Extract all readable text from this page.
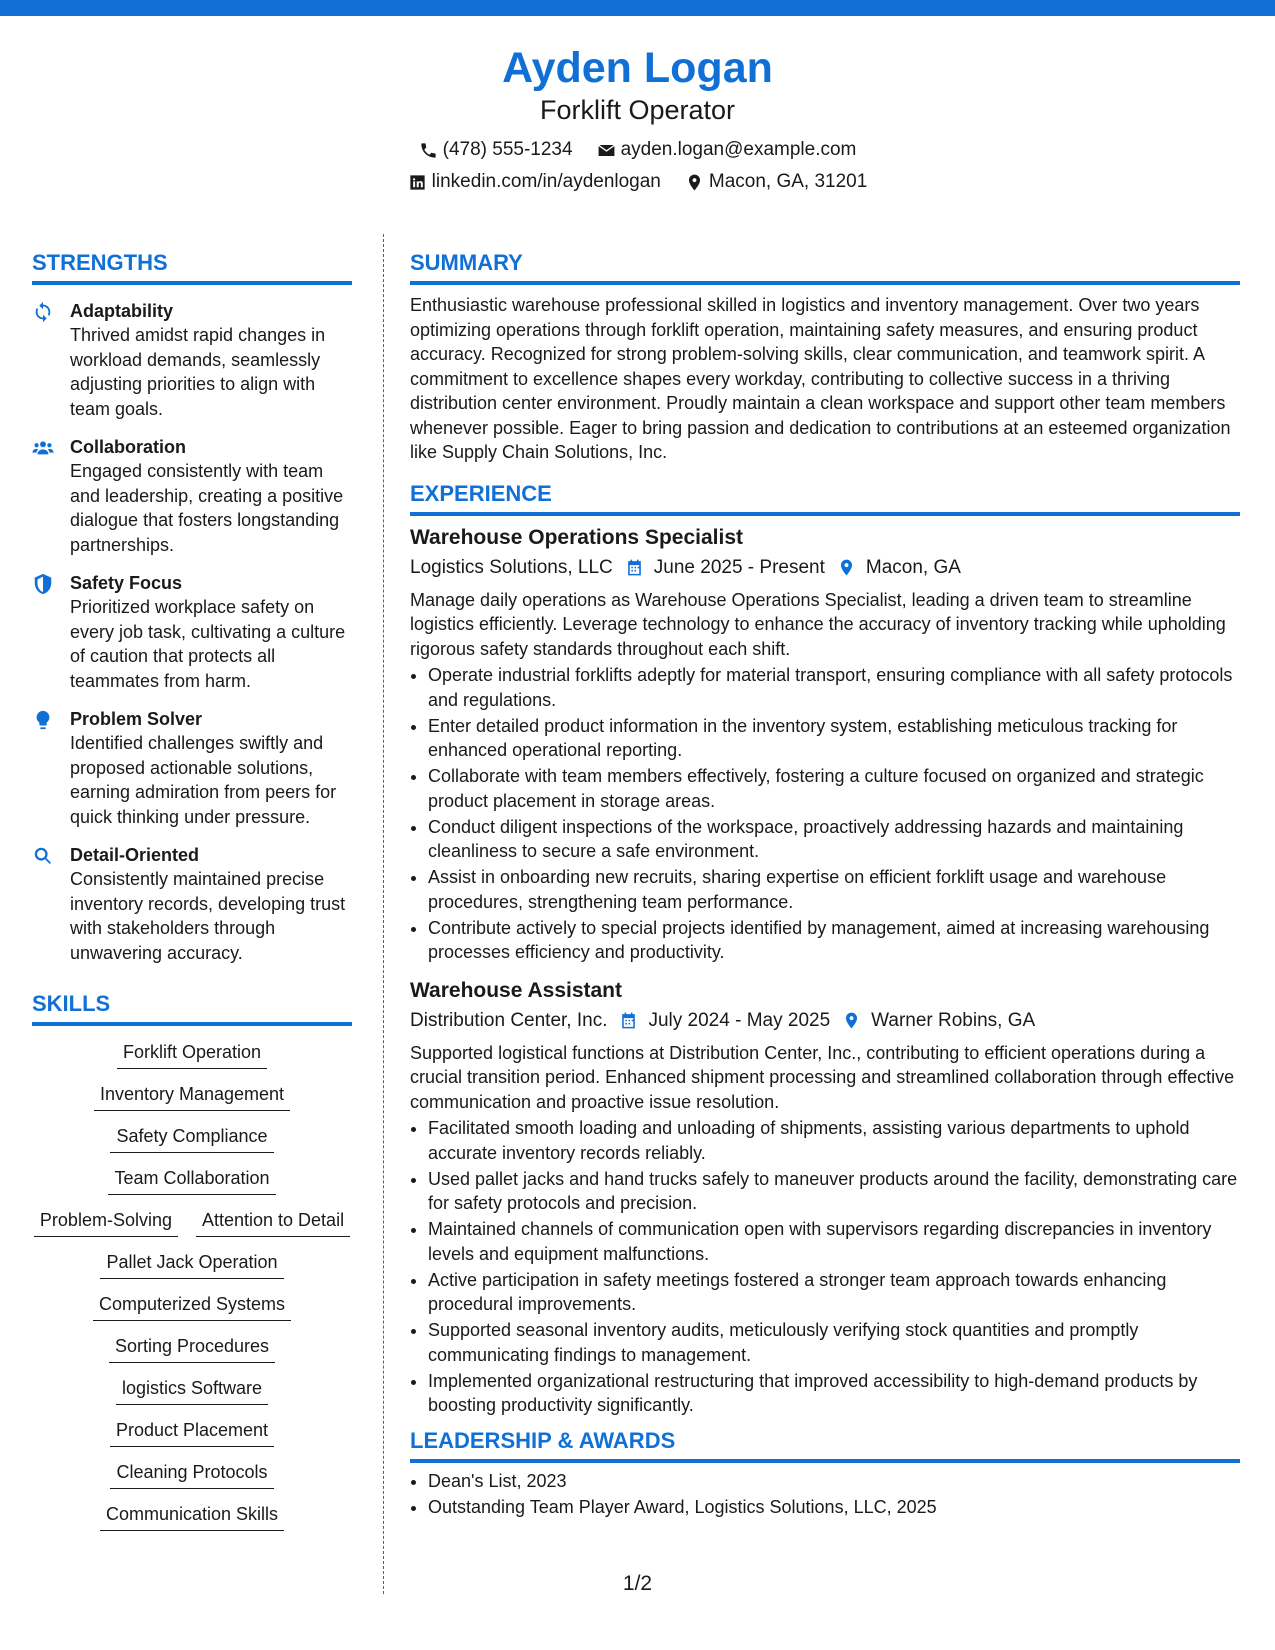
Ayden Logan
Forklift Operator
(478) 555-1234	ayden.logan@example.com
linkedin.com/in/aydenlogan	Macon, GA, 31201
STRENGTHS
Adaptability
Thrived amidst rapid changes in workload demands, seamlessly adjusting priorities to align with team goals.
Collaboration
Engaged consistently with team and leadership, creating a positive dialogue that fosters longstanding partnerships.
Safety Focus
Prioritized workplace safety on every job task, cultivating a culture of caution that protects all teammates from harm.
Problem Solver
Identified challenges swiftly and proposed actionable solutions, earning admiration from peers for quick thinking under pressure.
Detail-Oriented
Consistently maintained precise inventory records, developing trust with stakeholders through unwavering accuracy.
SKILLS
Forklift Operation
Inventory Management
Safety Compliance
Team Collaboration
Problem-Solving	Attention to Detail
Pallet Jack Operation
Computerized Systems
Sorting Procedures
logistics Software
Product Placement
Cleaning Protocols
Communication Skills
SUMMARY
Enthusiastic warehouse professional skilled in logistics and inventory management. Over two years optimizing operations through forklift operation, maintaining safety measures, and ensuring product accuracy. Recognized for strong problem-solving skills, clear communication, and teamwork spirit. A commitment to excellence shapes every workday, contributing to collective success in a thriving distribution center environment. Proudly maintain a clean workspace and support other team members whenever possible. Eager to bring passion and dedication to contributions at an esteemed organization like Supply Chain Solutions, Inc.
EXPERIENCE
Warehouse Operations Specialist
Logistics Solutions, LLC June 2025 - Present Macon, GA
Manage daily operations as Warehouse Operations Specialist, leading a driven team to streamline logistics efficiently. Leverage technology to enhance the accuracy of inventory tracking while upholding rigorous safety standards throughout each shift.
• Operate industrial forklifts adeptly for material transport, ensuring compliance with all safety protocols and regulations.
• Enter detailed product information in the inventory system, establishing meticulous tracking for enhanced operational reporting.
• Collaborate with team members effectively, fostering a culture focused on organized and strategic product placement in storage areas.
• Conduct diligent inspections of the workspace, proactively addressing hazards and maintaining cleanliness to secure a safe environment.
• Assist in onboarding new recruits, sharing expertise on efficient forklift usage and warehouse procedures, strengthening team performance.
• Contribute actively to special projects identified by management, aimed at increasing warehousing processes efficiency and productivity.
Warehouse Assistant
Distribution Center, Inc. July 2024 - May 2025 Warner Robins, GA
Supported logistical functions at Distribution Center, Inc., contributing to efficient operations during a crucial transition period. Enhanced shipment processing and streamlined collaboration through effective communication and proactive issue resolution.
• Facilitated smooth loading and unloading of shipments, assisting various departments to uphold accurate inventory records reliably.
• Used pallet jacks and hand trucks safely to maneuver products around the facility, demonstrating care for safety protocols and precision.
• Maintained channels of communication open with supervisors regarding discrepancies in inventory levels and equipment malfunctions.
• Active participation in safety meetings fostered a stronger team approach towards enhancing procedural improvements.
• Supported seasonal inventory audits, meticulously verifying stock quantities and promptly communicating findings to management.
• Implemented organizational restructuring that improved accessibility to high-demand products by boosting productivity significantly.
LEADERSHIP & AWARDS
• Dean's List, 2023
• Outstanding Team Player Award, Logistics Solutions, LLC, 2025
1/2
